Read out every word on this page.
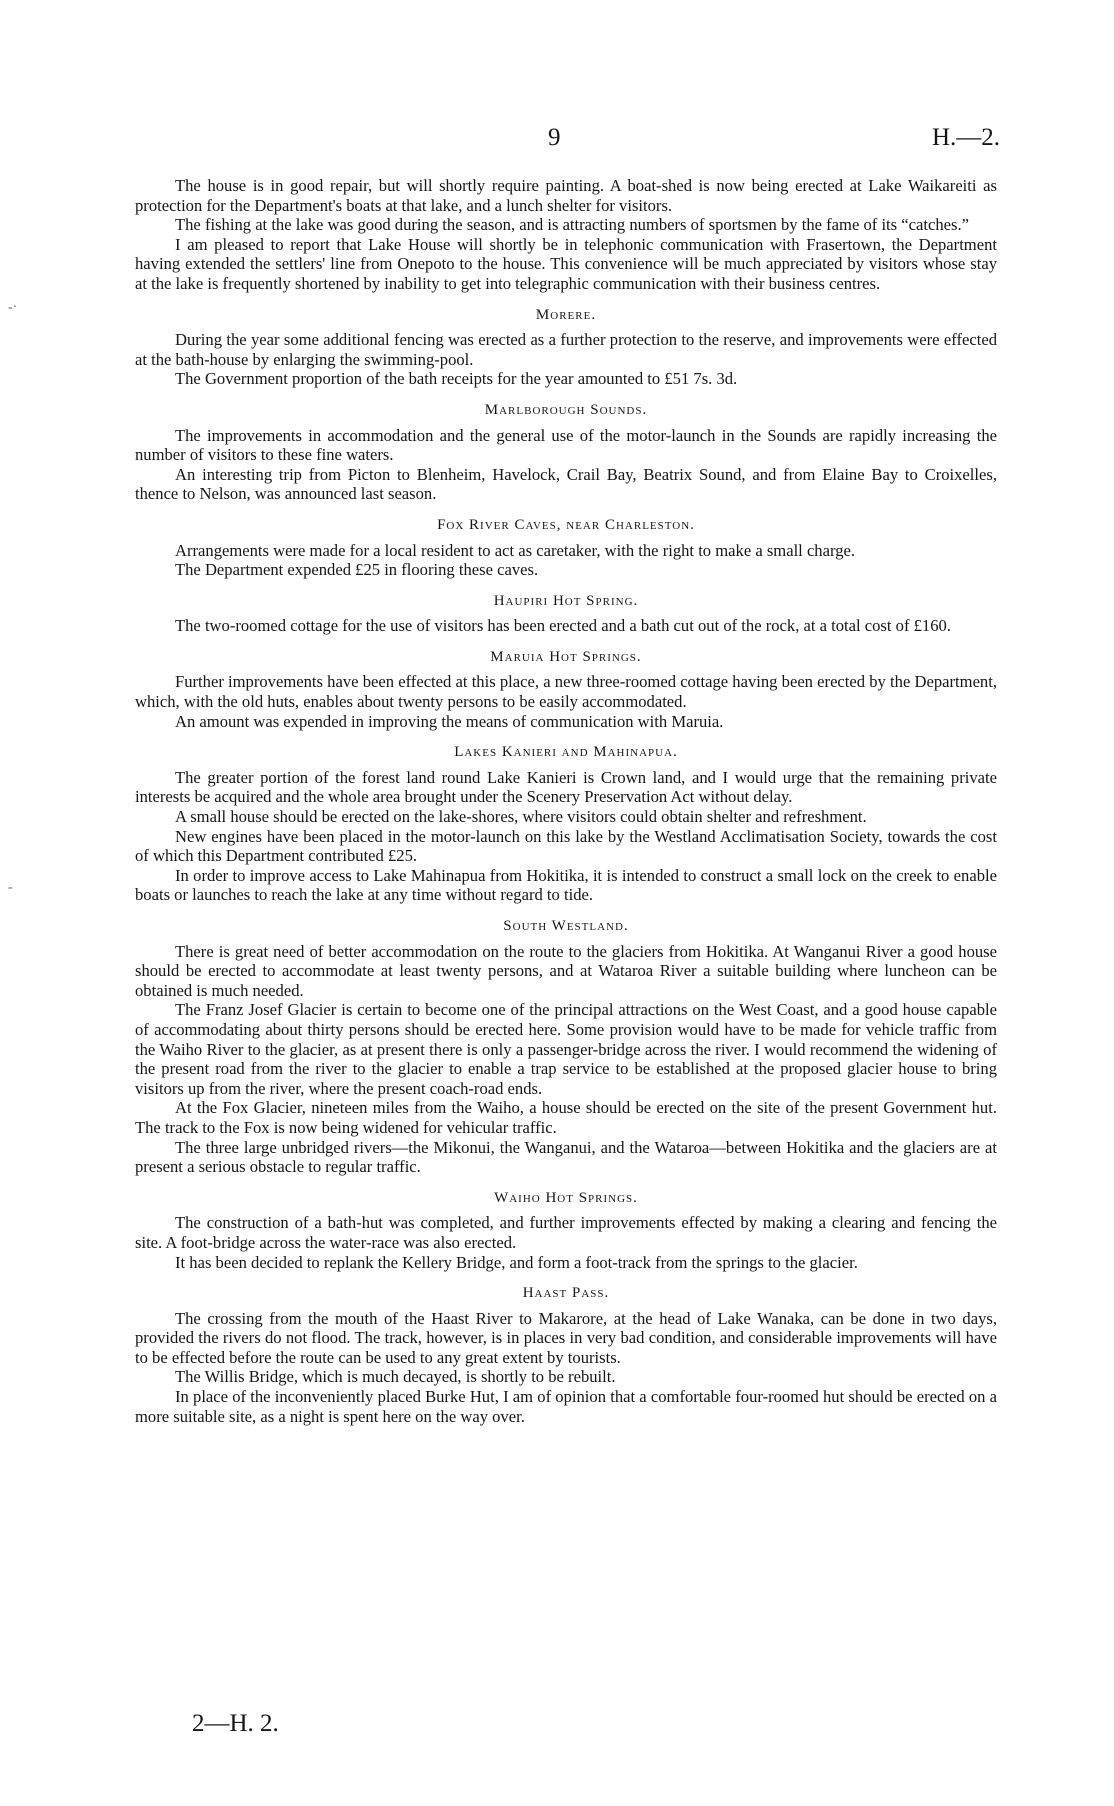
9	H.—2.
-·
-

The house is in good repair, but will shortly require painting. A boat-shed is now being erected at Lake Waikareiti as protection for the Department's boats at that lake, and a lunch shelter for visitors.

The fishing at the lake was good during the season, and is attracting numbers of sportsmen by the fame of its “catches.”

I am pleased to report that Lake House will shortly be in telephonic communication with Frasertown, the Department having extended the settlers' line from Onepoto to the house. This convenience will be much appreciated by visitors whose stay at the lake is frequently shortened by inability to get into telegraphic communication with their business centres.

Morere.

During the year some additional fencing was erected as a further protection to the reserve, and improvements were effected at the bath-house by enlarging the swimming-pool.

The Government proportion of the bath receipts for the year amounted to £51 7s. 3d.

Marlborough Sounds.

The improvements in accommodation and the general use of the motor-launch in the Sounds are rapidly increasing the number of visitors to these fine waters.

An interesting trip from Picton to Blenheim, Havelock, Crail Bay, Beatrix Sound, and from Elaine Bay to Croixelles, thence to Nelson, was announced last season.

Fox River Caves, near Charleston.

Arrangements were made for a local resident to act as caretaker, with the right to make a small charge.

The Department expended £25 in flooring these caves.

Haupiri Hot Spring.

The two-roomed cottage for the use of visitors has been erected and a bath cut out of the rock, at a total cost of £160.

Maruia Hot Springs.

Further improvements have been effected at this place, a new three-roomed cottage having been erected by the Department, which, with the old huts, enables about twenty persons to be easily accommodated.

An amount was expended in improving the means of communication with Maruia.

Lakes Kanieri and Mahinapua.

The greater portion of the forest land round Lake Kanieri is Crown land, and I would urge that the remaining private interests be acquired and the whole area brought under the Scenery Preservation Act without delay.

A small house should be erected on the lake-shores, where visitors could obtain shelter and refreshment.

New engines have been placed in the motor-launch on this lake by the Westland Acclimatisation Society, towards the cost of which this Department contributed £25.

In order to improve access to Lake Mahinapua from Hokitika, it is intended to construct a small lock on the creek to enable boats or launches to reach the lake at any time without regard to tide.

South Westland.

There is great need of better accommodation on the route to the glaciers from Hokitika. At Wanganui River a good house should be erected to accommodate at least twenty persons, and at Wataroa River a suitable building where luncheon can be obtained is much needed.

The Franz Josef Glacier is certain to become one of the principal attractions on the West Coast, and a good house capable of accommodating about thirty persons should be erected here. Some provision would have to be made for vehicle traffic from the Waiho River to the glacier, as at present there is only a passenger-bridge across the river. I would recommend the widening of the present road from the river to the glacier to enable a trap service to be established at the proposed glacier house to bring visitors up from the river, where the present coach-road ends.

At the Fox Glacier, nineteen miles from the Waiho, a house should be erected on the site of the present Government hut. The track to the Fox is now being widened for vehicular traffic.

The three large unbridged rivers—the Mikonui, the Wanganui, and the Wataroa—between Hokitika and the glaciers are at present a serious obstacle to regular traffic.

Waiho Hot Springs.

The construction of a bath-hut was completed, and further improvements effected by making a clearing and fencing the site. A foot-bridge across the water-race was also erected.

It has been decided to replank the Kellery Bridge, and form a foot-track from the springs to the glacier.

Haast Pass.

The crossing from the mouth of the Haast River to Makarore, at the head of Lake Wanaka, can be done in two days, provided the rivers do not flood. The track, however, is in places in very bad condition, and considerable improvements will have to be effected before the route can be used to any great extent by tourists.

The Willis Bridge, which is much decayed, is shortly to be rebuilt.

In place of the inconveniently placed Burke Hut, I am of opinion that a comfortable four-roomed hut should be erected on a more suitable site, as a night is spent here on the way over.

2—H. 2.
